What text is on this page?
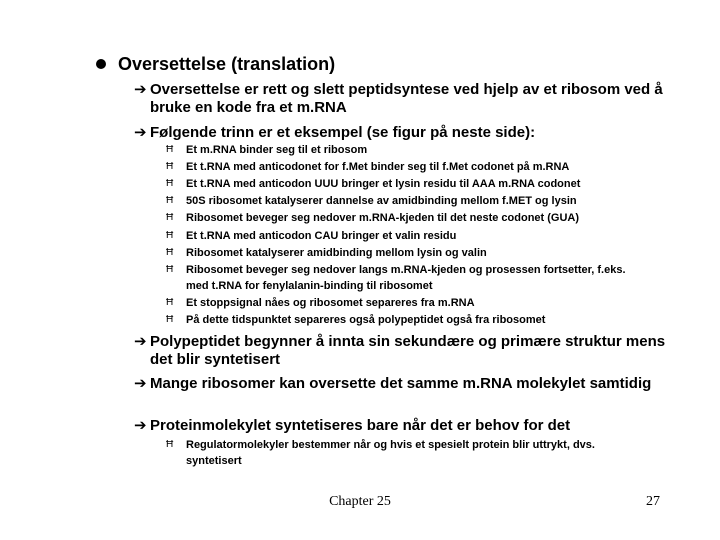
Oversettelse (translation)
➔ Oversettelse er rett og slett peptidsyntese ved hjelp av et ribosom ved å bruke en kode fra et m.RNA
➔ Følgende trinn er et eksempel (se figur på neste side):
Ħ	Et m.RNA binder seg til et ribosom
Ħ	Et t.RNA med anticodonet for f.Met binder seg til f.Met codonet på m.RNA
Ħ	Et t.RNA med anticodon UUU bringer et lysin residu til AAA m.RNA codonet
Ħ	50S ribosomet katalyserer dannelse av amidbinding mellom f.MET og lysin
Ħ	Ribosomet beveger seg nedover m.RNA-kjeden til det neste codonet (GUA)
Ħ	Et t.RNA med anticodon CAU bringer et valin residu
Ħ	Ribosomet katalyserer amidbinding mellom lysin og valin
Ħ	Ribosomet beveger seg nedover langs m.RNA-kjeden og prosessen fortsetter, f.eks. med t.RNA for fenylalanin-binding til ribosomet
Ħ	Et stoppsignal nåes og ribosomet separeres fra m.RNA
Ħ	På dette tidspunktet separeres også polypeptidet også fra ribosomet
➔ Polypeptidet begynner å innta sin sekundære og primære struktur mens det blir syntetisert
➔ Mange ribosomer kan oversette det samme m.RNA molekylet samtidig
➔ Proteinmolekylet syntetiseres bare når det er behov for det
Ħ	Regulatormolekyler bestemmer når og hvis et spesielt protein blir uttrykt, dvs. syntetisert
Chapter 25	27
